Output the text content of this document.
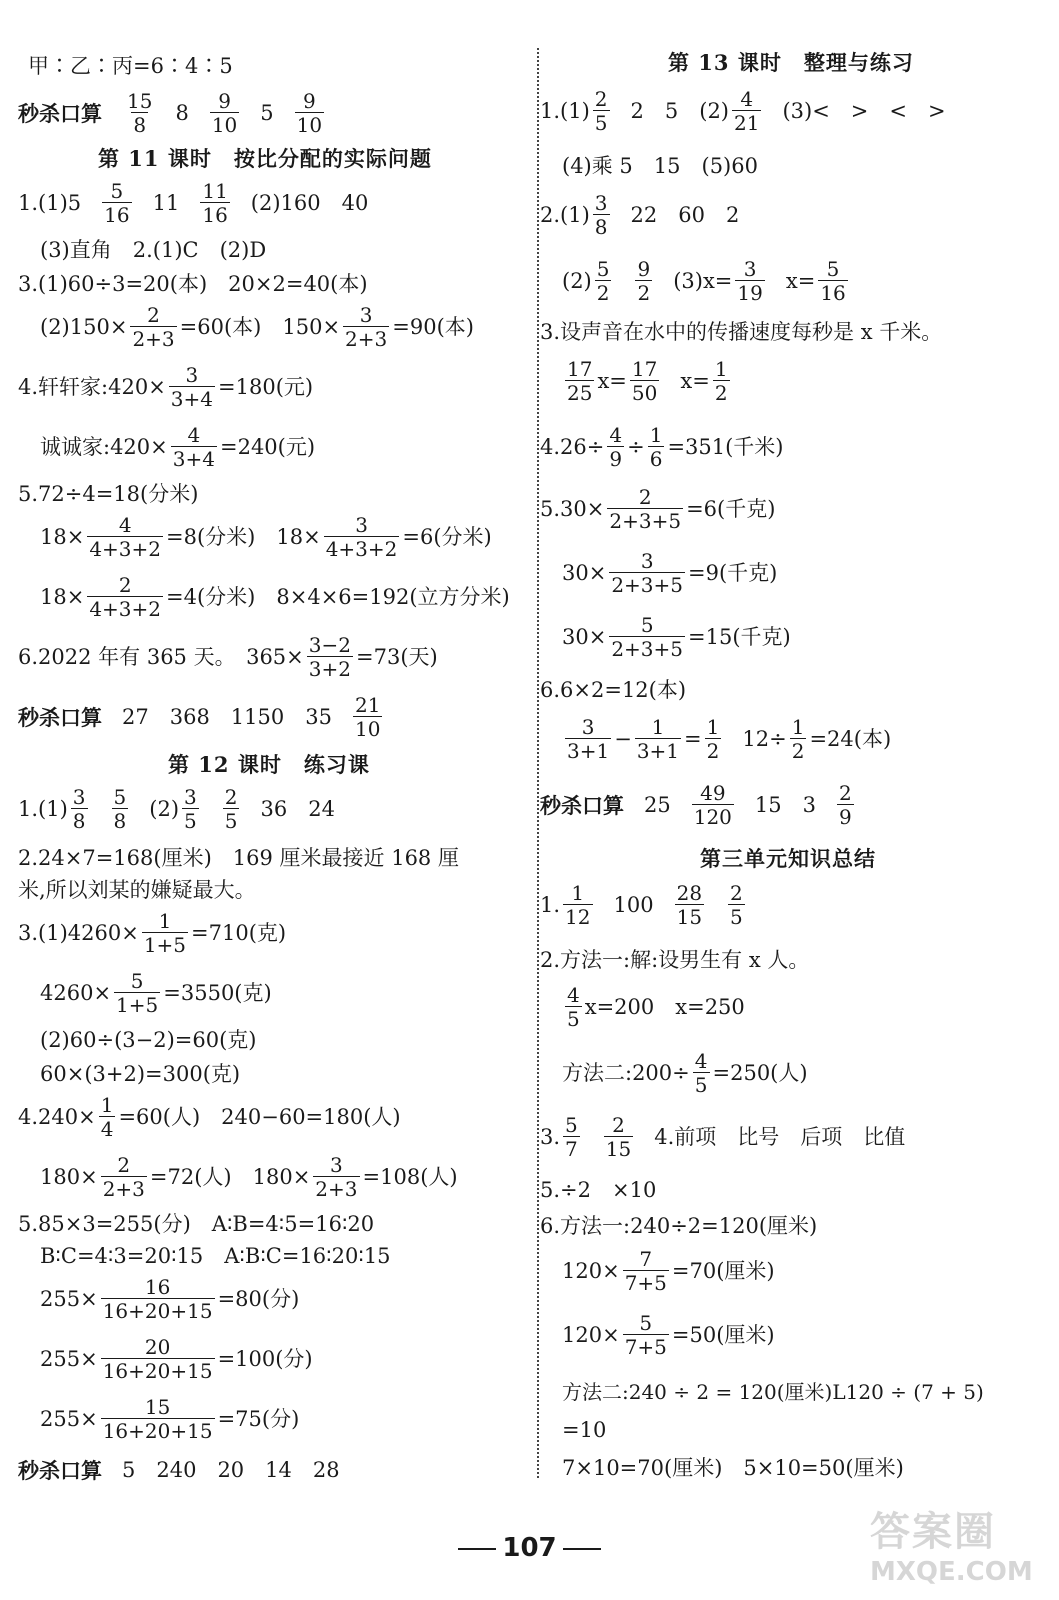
甲∶乙∶丙=6∶4∶5
秒杀口算 15
8
8 9
10
5 9
10
第 11 课时　按比分配的实际问题
1.(1)5 5
16
11 11
16
(2)160　40
(3)直角　2.(1)C　(2)D
3.(1)60÷3=20(本)　20×2=40(本)
$(2)150\times \frac{2}{2+3} =60$(本)　$150\times \frac{3}{2+3} =90$(本)
4.轩轩家:420× $\frac{3}{3+4} =180$(元)
诚诚家:420× $\frac{4}{3+4} =240$(元)
5.72÷4=18(分米)
$18\times \frac{4}{4+3+2} =8$(分米)　$18\times \frac{3}{4+3+2} =6$(分米)
$18\times \frac{2}{4+3+2} =4$(分米)　8×4×6=192(立方分米)
6.2022 年有 365 天。　$365\times \frac{3-2}{3+2} =73$(天)
秒杀口算 27　368　1150　35 21
10
第 12 课时　练习课
1.(1) 3
8
5
8
(2) 3
5
2
5
36　24
2.24×7=168(厘米)　169 厘米最接近 168 厘
米,所以刘某的嫌疑最大。
$3.(1)4260\times \frac{1}{1+5} =710$(克)
$4260\times \frac{5}{1+5} =3550$(克)
(2)60÷(3−2)=60(克)
60×(3+2)=300(克)
$4.240\times \frac{1}{4} =60$(人)　240−60=180(人)
$180\times \frac{2}{2+3} =72$(人)　$180\times \frac{3}{2+3} =108$(人)
5.85×3=255(分)　A∶B=4∶5=16∶20
B∶C=4∶3=20∶15　A∶B∶C=16∶20∶15
$255\times \frac{16}{16+20+15} =80$(分)
$255\times \frac{20}{16+20+15} =100$(分)
$255\times \frac{15}{16+20+15} =75$(分)
秒杀口算 5　240　20　14　28
第 13 课时　整理与练习
1.(1) 2
5
2　5　(2) 4
21
(3)<　>　<　>
(4)乘 5　15　(5)60
2.(1) 3
8
22　60　2
(2) 5
2
9
2
$(3)x= \frac{3}{19} x= \frac{5}{16}$
3.设声音在水中的传播速度每秒是 x 千米。
17
25
$x= \frac{17}{50} x= \frac{1}{2}$
$4.26\div \frac{4}{9} \div \frac{1}{6} =351$(千米)
$5.30\times \frac{2}{2+3+5} =6$(千克)
$30\times \frac{3}{2+3+5} =9$(千克)
$30\times \frac{5}{2+3+5} =15$(千克)
6.6×2=12(本)
3
3+1
− $\frac{1}{3+1} = \frac{1}{2} 12\div \frac{1}{2} =24$(本)
秒杀口算 25 49
120
15　3 2
9
第三单元知识总结
1. 1
12
100 28
15
2
5
2.方法一:解:设男生有 x 人。
4
5
x=200　x=250
方法二:200÷ $\frac{4}{5} =250$(人)
3. 5
7
2
15
4.前项　比号　后项　比值
5.÷2　×10
6.方法一:240÷2=120(厘米)
$120\times \frac{7}{7+5} =70$(厘米)
$120\times \frac{5}{7+5} =50$(厘米)
方法二:240 ÷ 2 = 120(厘米)L120 ÷ (7 + 5)
=10
7×10=70(厘米)　5×10=50(厘米)
107	答案圈
MXQE.COM
